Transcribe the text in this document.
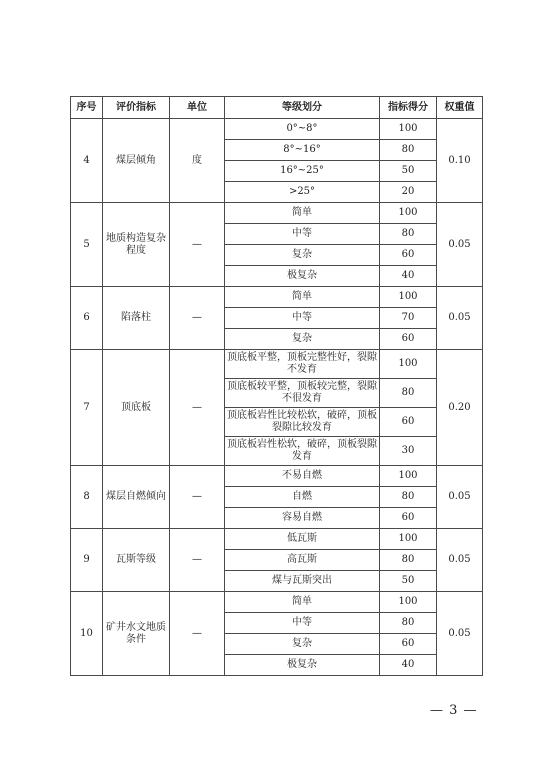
序号	评价指标	单位	等级划分	指标得分	权重值
4	煤层倾角	度	0°~8°	100	0.10
			8°~16°	80	
			16°~25°	50	
			>25°	20	
5	地质构造复杂程度	—	简单	100	0.05
			中等	80	
			复杂	60	
			极复杂	40	
6	陷落柱	—	简单	100	0.05
			中等	70	
			复杂	60	
7	顶底板	—	顶底板平整，顶板完整性好，裂隙不发育	100	0.20
			顶底板较平整，顶板较完整，裂隙不很发育	80	
			顶底板岩性比较松软，破碎，顶板裂隙比较发育	60	
			顶底板岩性松软，破碎，顶板裂隙发育	30	
8	煤层自燃倾向	—	不易自燃	100	0.05
			自燃	80	
			容易自燃	60	
9	瓦斯等级	—	低瓦斯	100	0.05
			高瓦斯	80	
			煤与瓦斯突出	50	
10	矿井水文地质条件	—	简单	100	0.05
			中等	80	
			复杂	60	
			极复杂	40	
— 3 —
